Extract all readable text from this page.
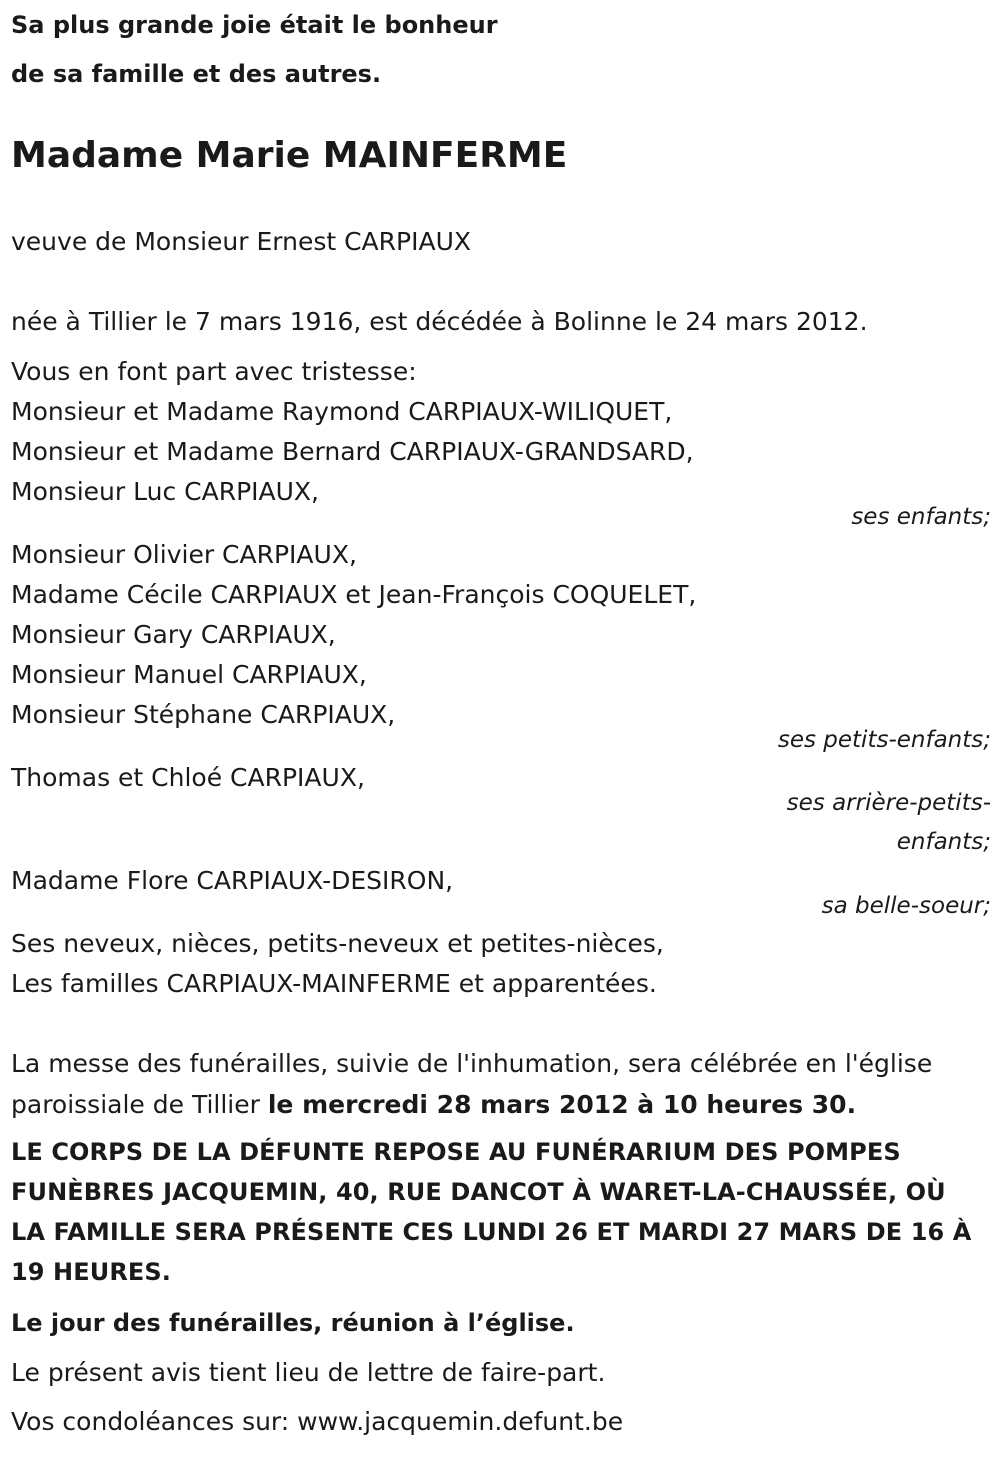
Sa plus grande joie était le bonheur
de sa famille et des autres.
Madame Marie MAINFERME
veuve de Monsieur Ernest CARPIAUX
née à Tillier le 7 mars 1916, est décédée à Bolinne le 24 mars 2012.
Vous en font part avec tristesse:
Monsieur et Madame Raymond CARPIAUX-WILIQUET,
Monsieur et Madame Bernard CARPIAUX-GRANDSARD,
Monsieur Luc CARPIAUX,
ses enfants;
Monsieur Olivier CARPIAUX,
Madame Cécile CARPIAUX et Jean-François COQUELET,
Monsieur Gary CARPIAUX,
Monsieur Manuel CARPIAUX,
Monsieur Stéphane CARPIAUX,
ses petits-enfants;
Thomas et Chloé CARPIAUX,
ses arrière-petits-
enfants;
Madame Flore CARPIAUX-DESIRON,
sa belle-soeur;
Ses neveux, nièces, petits-neveux et petites-nièces,
Les familles CARPIAUX-MAINFERME et apparentées.
La messe des funérailles, suivie de l'inhumation, sera célébrée en l'église
paroissiale de Tillier le mercredi 28 mars 2012 à 10 heures 30.
LE CORPS DE LA DÉFUNTE REPOSE AU FUNÉRARIUM DES POMPES
FUNÈBRES JACQUEMIN, 40, RUE DANCOT À WARET-LA-CHAUSSÉE, OÙ
LA FAMILLE SERA PRÉSENTE CES LUNDI 26 ET MARDI 27 MARS DE 16 À
19 HEURES.
Le jour des funérailles, réunion à l’église.
Le présent avis tient lieu de lettre de faire-part.
Vos condoléances sur: www.jacquemin.defunt.be
